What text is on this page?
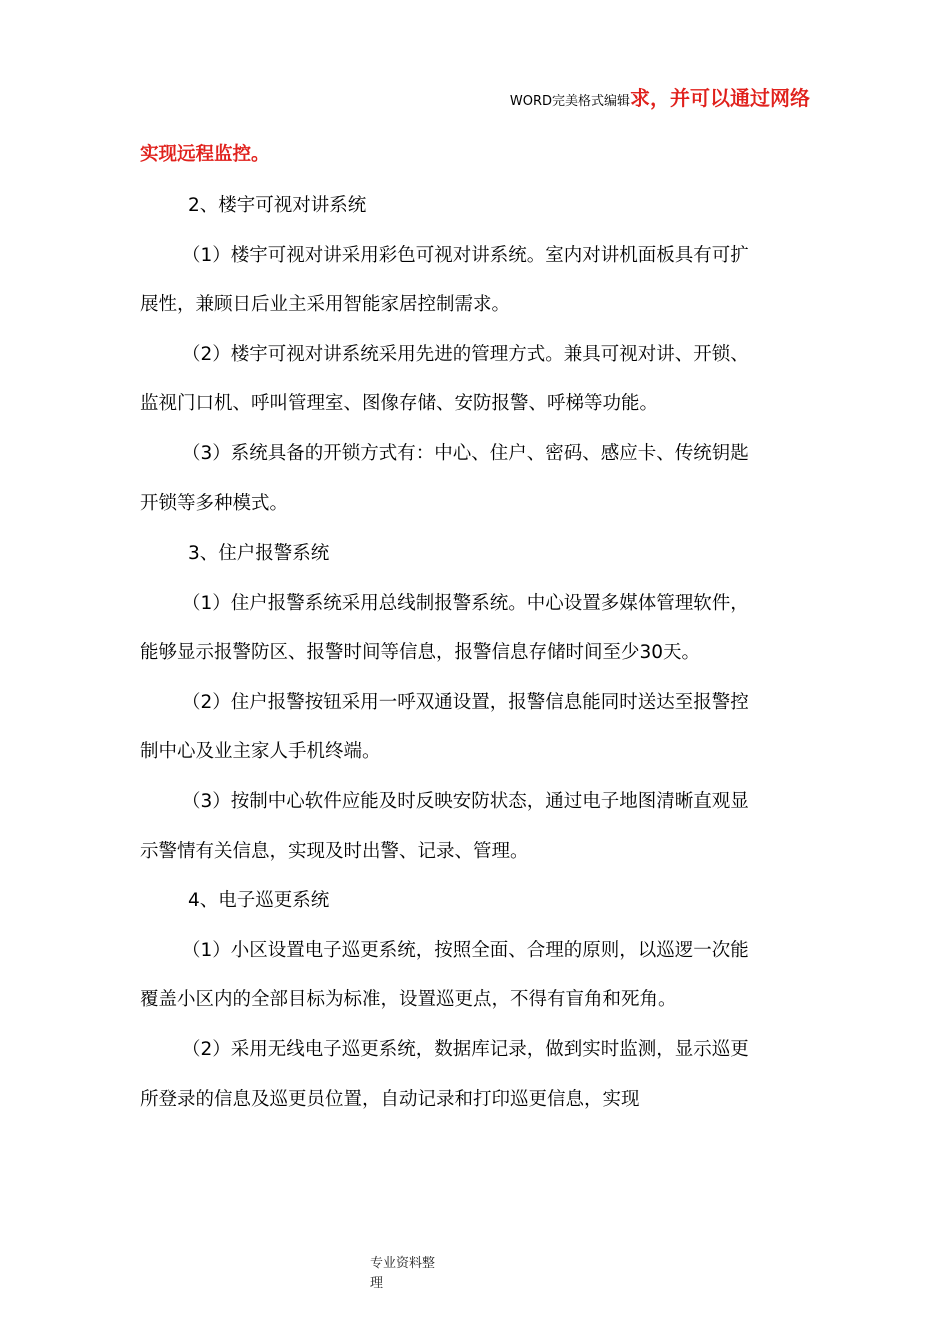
WORD完美格式编辑求，并可以通过网络
实现远程监控。
2、楼宇可视对讲系统
（1）楼宇可视对讲采用彩色可视对讲系统。室内对讲机面板具有可扩
展性，兼顾日后业主采用智能家居控制需求。
（2）楼宇可视对讲系统采用先进的管理方式。兼具可视对讲、开锁、
监视门口机、呼叫管理室、图像存储、安防报警、呼梯等功能。
（3）系统具备的开锁方式有：中心、住户、密码、感应卡、传统钥匙
开锁等多种模式。
3、住户报警系统
（1）住户报警系统采用总线制报警系统。中心设置多媒体管理软件，
能够显示报警防区、报警时间等信息，报警信息存储时间至少30天。
（2）住户报警按钮采用一呼双通设置，报警信息能同时送达至报警控
制中心及业主家人手机终端。
（3）按制中心软件应能及时反映安防状态，通过电子地图清晰直观显
示警情有关信息，实现及时出警、记录、管理。
4、电子巡更系统
（1）小区设置电子巡更系统，按照全面、合理的原则，以巡逻一次能
覆盖小区内的全部目标为标准，设置巡更点，不得有盲角和死角。
（2）采用无线电子巡更系统，数据库记录，做到实时监测，显示巡更
所登录的信息及巡更员位置，自动记录和打印巡更信息，实现
专业资料整
理
